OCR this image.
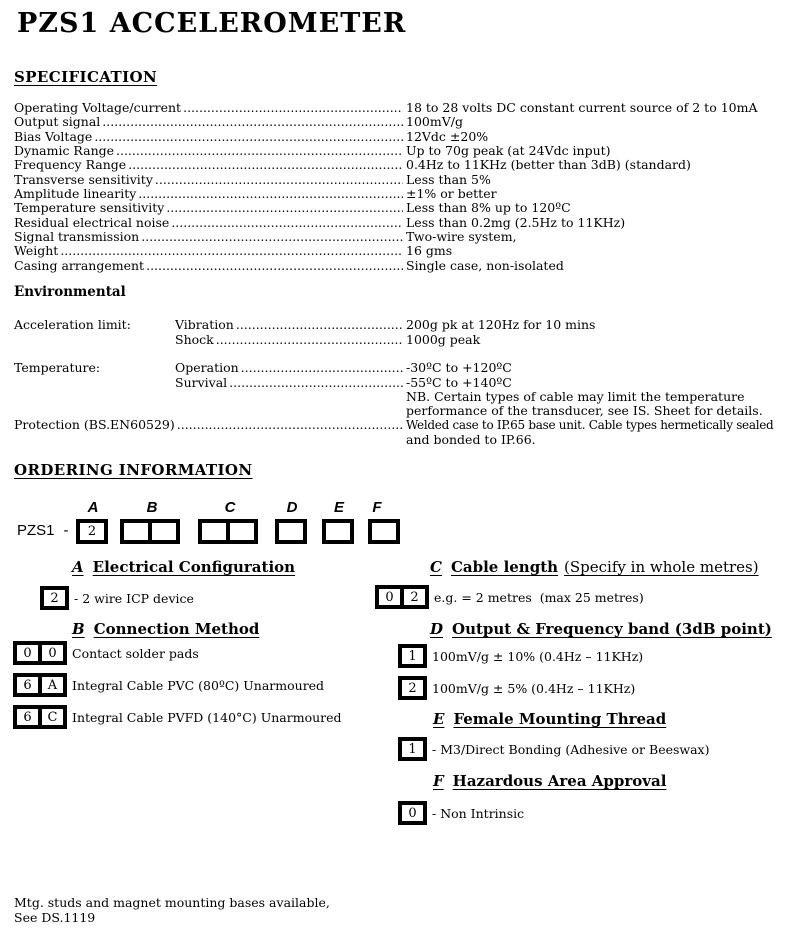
PZS1 ACCELEROMETER
SPECIFICATION
Operating Voltage/current .....	18 to 28 volts DC constant current source of 2 to 10mA
Output signal .....	100mV/g
Bias Voltage .....	12Vdc ±20%
Dynamic Range .....	Up to 70g peak (at 24Vdc input)
Frequency Range .....	0.4Hz to 11KHz (better than 3dB) (standard)
Transverse sensitivity .....	Less than 5%
Amplitude linearity .....	±1% or better
Temperature sensitivity .....	Less than 8% up to 120ºC
Residual electrical noise .....	Less than 0.2mg (2.5Hz to 11KHz)
Signal transmission .....	Two-wire system,
Weight .....	16 gms
Casing arrangement .....	Single case, non-isolated
Environmental
Acceleration limit:	Vibration .....	200g pk at 120Hz for 10 mins
Shock .....	1000g peak
Temperature:	Operation .....	-30ºC to +120ºC
Survival .....	-55ºC to +140ºC
NB. Certain types of cable may limit the temperature
performance of the transducer, see IS. Sheet for details.
Protection (BS.EN60529) .....	Welded case to IP.65 base unit. Cable types hermetically sealed
and bonded to IP.66.
ORDERING INFORMATION
PZS1 -
A	B	C	D	E	F
2
A Electrical Configuration
2	- 2 wire ICP device
B Connection Method
0	0	Contact solder pads
6	A	Integral Cable PVC (80ºC) Unarmoured
6	C	Integral Cable PVFD (140°C) Unarmoured
C Cable length (Specify in whole metres)
0	2	e.g. = 2 metres  (max 25 metres)
D Output & Frequency band (3dB point)
1	100mV/g ± 10% (0.4Hz – 11KHz)
2	100mV/g ± 5% (0.4Hz – 11KHz)
E Female Mounting Thread
1	- M3/Direct Bonding (Adhesive or Beeswax)
F Hazardous Area Approval
0	- Non Intrinsic
Mtg. studs and magnet mounting bases available,
See DS.1119
